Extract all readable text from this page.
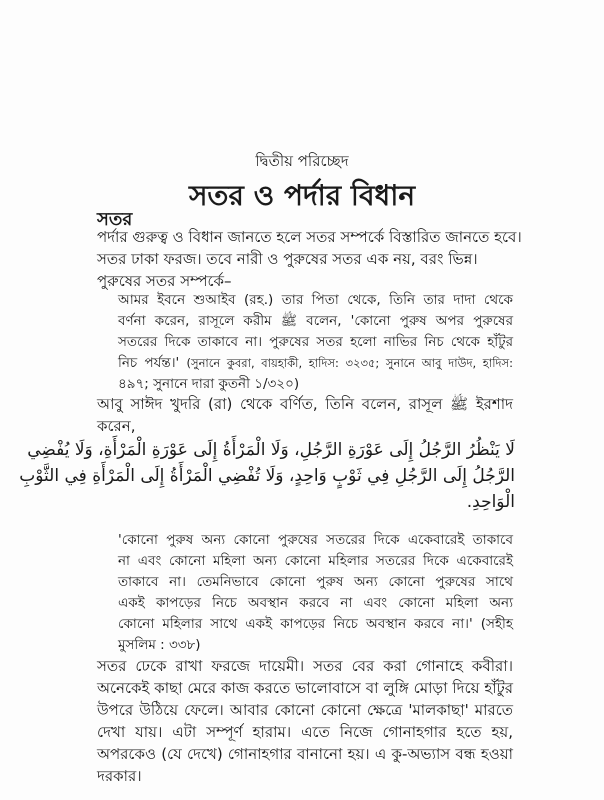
দ্বিতীয় পরিচ্ছেদ
সতর ও পর্দার বিধান
সতর
পর্দার গুরুত্ব ও বিধান জানতে হলে সতর সম্পর্কে বিস্তারিত জানতে হবে।
সতর ঢাকা ফরজ। তবে নারী ও পুরুষের সতর এক নয়, বরং ভিন্ন।
পুরুষের সতর সম্পর্কে–
আমর ইবনে শুআইব (রহ.) তার পিতা থেকে, তিনি তার দাদা থেকে
বর্ণনা করেন, রাসূলে করীম ﷺ বলেন, 'কোনো পুরুষ অপর পুরুষের
সতরের দিকে তাকাবে না। পুরুষের সতর হলো নাভির নিচ থেকে হাঁটুর
নিচ পর্যন্ত।' (সুনানে কুবরা, বায়হাকী, হাদিস: ৩২৩৫; সুনানে আবু দাউদ, হাদিস:
৪৯৭; সুনানে দারা কুতনী ১/৩২০)
আবু সাঈদ খুদরি (রা) থেকে বর্ণিত, তিনি বলেন, রাসূল ﷺ ইরশাদ
করেন,
لَا يَنْظُرُ الرَّجُلُ إِلَى عَوْرَةِ الرَّجُلِ، وَلَا الْمَرْأَةُ إِلَى عَوْرَةِ الْمَرْأَةِ، وَلَا يُفْضِي
الرَّجُلُ إِلَى الرَّجُلِ فِي ثَوْبٍ وَاحِدٍ، وَلَا تُفْضِي الْمَرْأَةُ إِلَى الْمَرْأَةِ فِي الثَّوْبِ
الْوَاحِدِ.
'কোনো পুরুষ অন্য কোনো পুরুষের সতরের দিকে একেবারেই তাকাবে
না এবং কোনো মহিলা অন্য কোনো মহিলার সতরের দিকে একেবারেই
তাকাবে না। তেমনিভাবে কোনো পুরুষ অন্য কোনো পুরুষের সাথে
একই কাপড়ের নিচে অবস্থান করবে না এবং কোনো মহিলা অন্য
কোনো মহিলার সাথে একই কাপড়ের নিচে অবস্থান করবে না।' (সহীহ
মুসলিম : ৩৩৮)
সতর ঢেকে রাখা ফরজে দায়েমী। সতর বের করা গোনাহে কবীরা।
অনেকেই কাছা মেরে কাজ করতে ভালোবাসে বা লুঙ্গি মোড়া দিয়ে হাঁটুর
উপরে উঠিয়ে ফেলে। আবার কোনো কোনো ক্ষেত্রে 'মালকাছা' মারতে
দেখা যায়। এটা সম্পূর্ণ হারাম। এতে নিজে গোনাহগার হতে হয়,
অপরকেও (যে দেখে) গোনাহগার বানানো হয়। এ কু-অভ্যাস বন্ধ হওয়া
দরকার।
